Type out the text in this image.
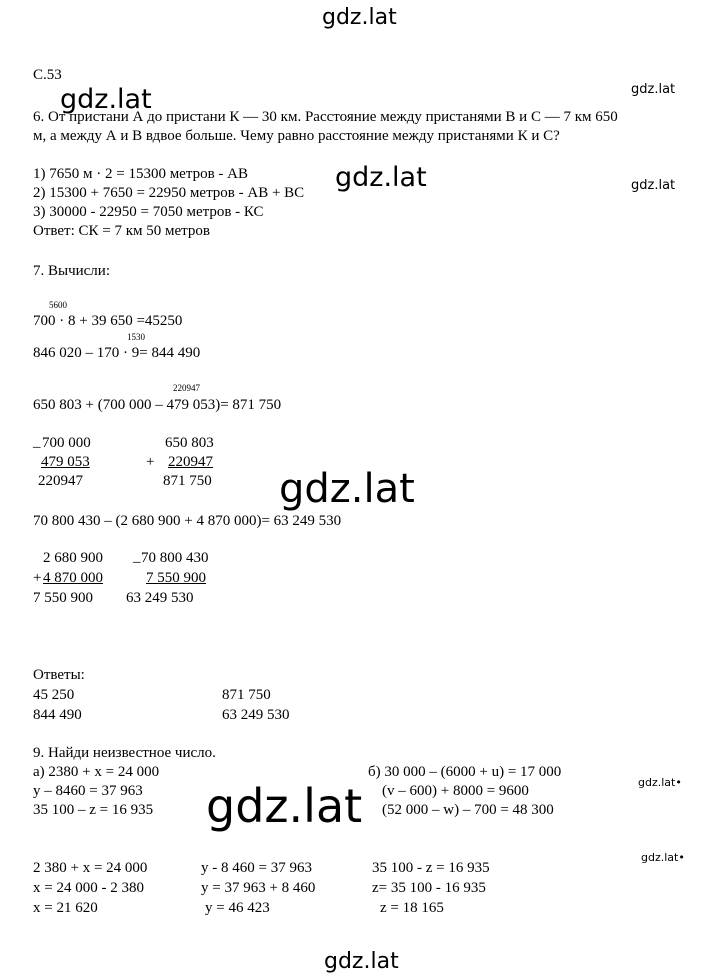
gdz.lat
gdz.lat	gdz.lat
gdz.lat	gdz.lat
gdz.lat
gdz.lat•
gdz.lat
gdz.lat•
gdz.lat
С.53
6. От пристани А до пристани К — 30 км. Расстояние между пристанями В и С — 7 км 650
м, а между А и В вдвое больше. Чему равно расстояние между пристанями К и С?
1) 7650 м · 2 = 15300 метров - АВ
2) 15300 + 7650 = 22950 метров - АВ + ВС
3) 30000 - 22950 = 7050 метров - КС
Ответ: СК = 7 км 50 метров
7. Вычисли:
5600
700 · 8 + 39 650 =45250
1530
846 020 – 170 · 9= 844 490
220947
650 803 + (700 000 – 479 053)= 871 750
_ 700 000
479 053
220947
650 803
+ 220947
871 750
70 800 430 – (2 680 900 + 4 870 000)= 63 249 530
2 680 900
+ 4 870 000
7 550 900
_ 70 800 430
7 550 900
63 249 530
Ответы:
45 250	871 750
844 490	63 249 530
9. Найди неизвестное число.
а) 2380 + x = 24 000
y – 8460 = 37 963
35 100 – z = 16 935
б) 30 000 – (6000 + u) = 17 000
(v – 600) + 8000 = 9600
(52 000 – w) – 700 = 48 300
2 380 + x = 24 000
x = 24 000 - 2 380
y - 8 460 = 37 963
y = 37 963 + 8 460
35 100 - z = 16 935
z= 35 100 - 16 935
x = 21 620	y = 46 423	z = 18 165
